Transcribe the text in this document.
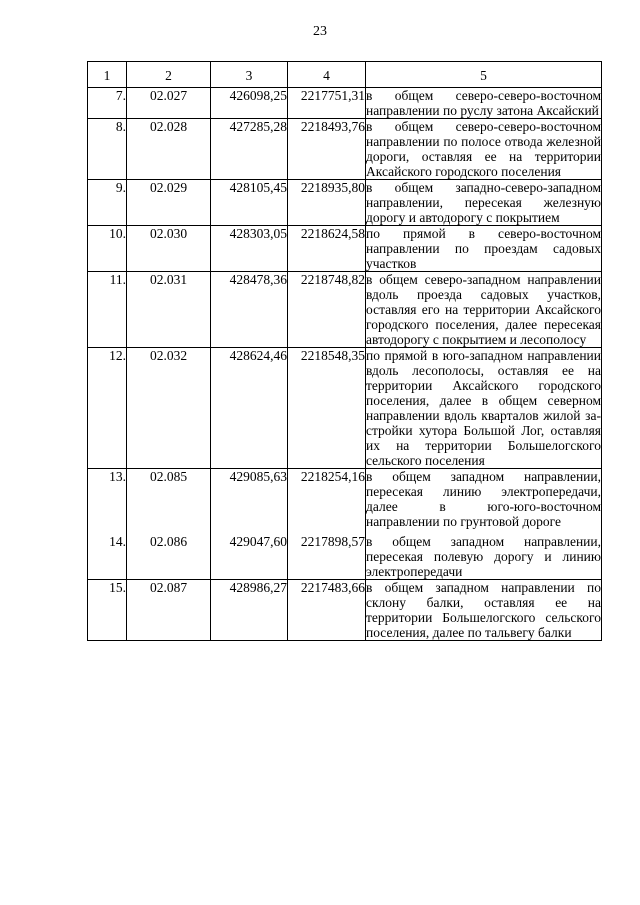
23
1	2	3	4	5
7.	02.027	426098,25	2217751,31	в общем северо-северо-восточном направлении по руслу затона Аксайский
8.	02.028	427285,28	2218493,76	в общем северо-северо-восточном направлении по полосе отвода железной дороги, оставляя ее на территории Аксайского городского поселения
9.	02.029	428105,45	2218935,80	в общем западно-северо-западном направлении, пересекая железную дорогу и автодорогу с покрытием
10.	02.030	428303,05	2218624,58	по прямой в северо-восточном направлении по проездам садовых участков
11.	02.031	428478,36	2218748,82	в общем северо-западном направлении вдоль проезда садовых участков, оставляя его на территории Аксайского городского поселения, далее пересекая автодорогу с покрытием и лесополосу
12.	02.032	428624,46	2218548,35	по прямой в юго-западном направлении вдоль лесополосы, оставляя ее на территории Аксайского городского поселения, далее в общем северном направлении вдоль кварталов жилой застройки хутора Большой Лог, оставляя их на территории Большелогского сельского поселения
13.	02.085	429085,63	2218254,16	в общем западном направлении, пересекая линию электропередачи, далее в юго-юго-восточном направлении по грунтовой дороге
14.	02.086	429047,60	2217898,57	в общем западном направлении, пересекая полевую дорогу и линию электропередачи
15.	02.087	428986,27	2217483,66	в общем западном направлении по склону балки, оставляя ее на территории Большелогского сельского поселения, далее по тальвегу балки
